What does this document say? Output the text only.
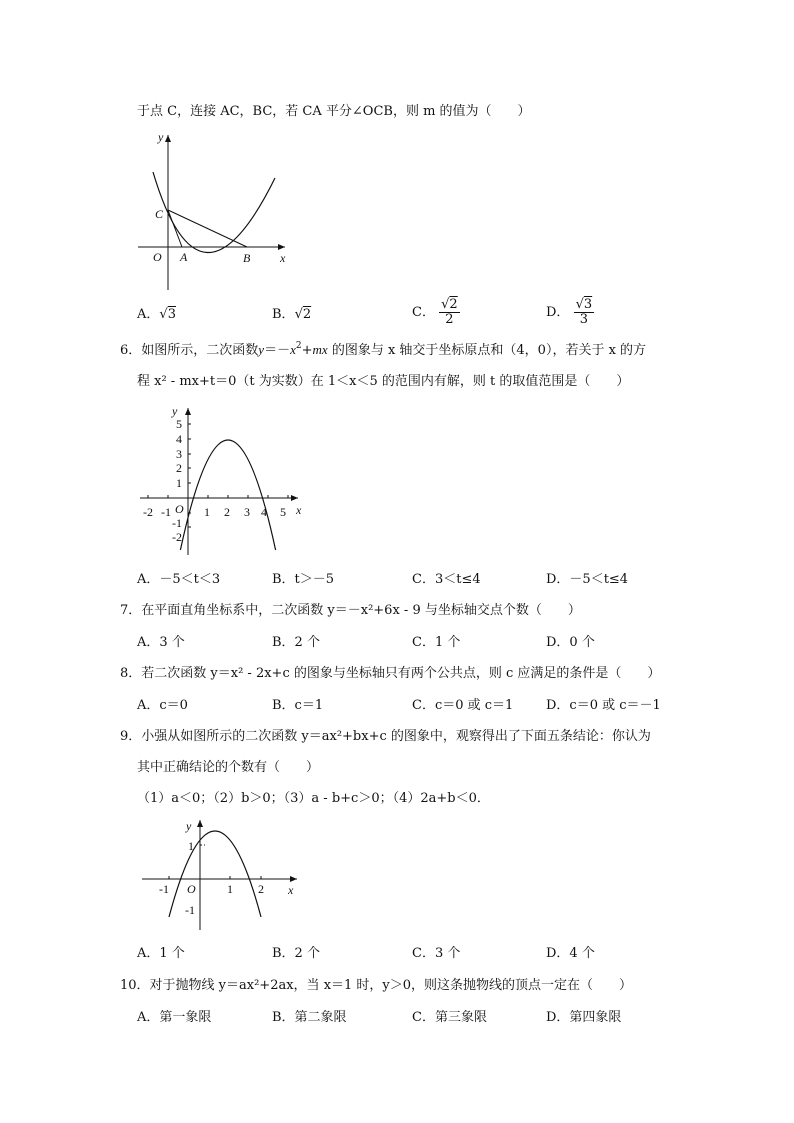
于点 C，连接 AC，BC，若 CA 平分∠OCB，则 m 的值为（　　）
y
x
C
O A	B
A．√3	B．√2	C． $\frac{√2}{2}$	D． $\frac{√3}{3}$
6．如图所示，二次函数$y=-x^2+mx$ 的图象与 x 轴交于坐标原点和（4，0），若关于 x 的方
程 x² - mx+t＝0（t 为实数）在 1＜x＜5 的范围内有解，则 t 的取值范围是（　　）
y
x
O
-2 -1	1 2 3 4 5
5
4
3
2
1
-1
-2
A．－5＜t＜3	B．t＞－5	C．3＜t≤4	D．－5＜t≤4
7．在平面直角坐标系中，二次函数 y＝－x²+6x - 9 与坐标轴交点个数（　　）
A．3 个	B．2 个	C．1 个	D．0 个
8．若二次函数 y＝x² - 2x+c 的图象与坐标轴只有两个公共点，则 c 应满足的条件是（　　）
A．c＝0	B．c＝1	C．c＝0 或 c＝1	D．c＝0 或 c＝－1
9．小强从如图所示的二次函数 y＝ax²+bx+c 的图象中，观察得出了下面五条结论：你认为
其中正确结论的个数有（　　）
（1）a＜0；（2）b＞0；（3）a - b+c＞0；（4）2a+b＜0．
y
x
O
1
-1
-1	1 2
A．1 个	B．2 个	C．3 个	D．4 个
10．对于抛物线 y＝ax²+2ax，当 x＝1 时，y＞0，则这条抛物线的顶点一定在（　　）
A．第一象限	B．第二象限	C．第三象限	D．第四象限
